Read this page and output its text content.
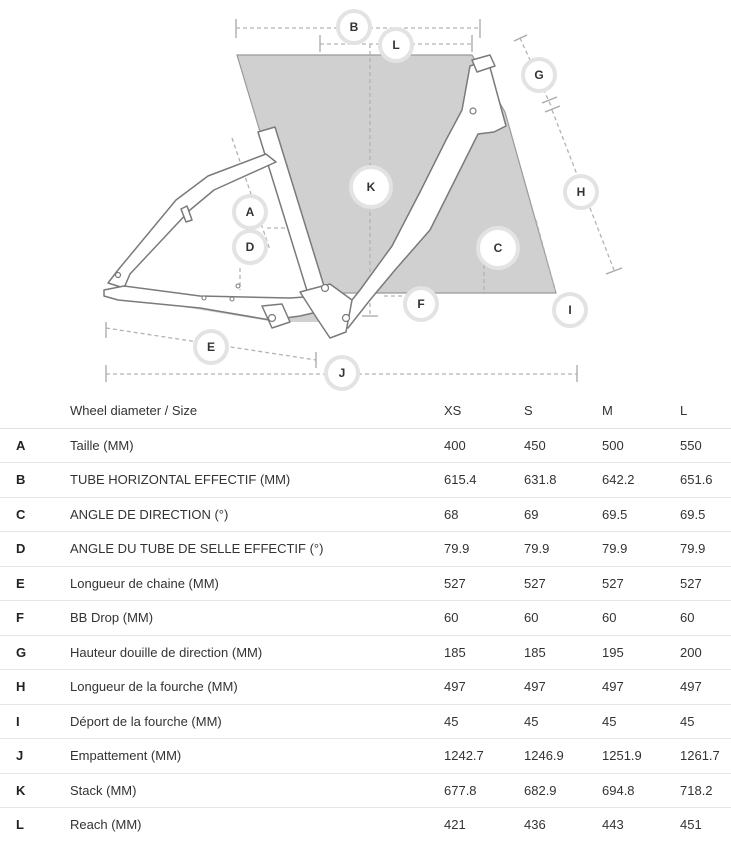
B
L
G
K	H
A
D	C
F	I
E
J
	Wheel diameter / Size	XS	S	M	L
A	Taille (MM)	400	450	500	550
B	TUBE HORIZONTAL EFFECTIF (MM)	615.4	631.8	642.2	651.6
C	ANGLE DE DIRECTION (°)	68	69	69.5	69.5
D	ANGLE DU TUBE DE SELLE EFFECTIF (°)	79.9	79.9	79.9	79.9
E	Longueur de chaine (MM)	527	527	527	527
F	BB Drop (MM)	60	60	60	60
G	Hauteur douille de direction (MM)	185	185	195	200
H	Longueur de la fourche (MM)	497	497	497	497
I	Déport de la fourche (MM)	45	45	45	45
J	Empattement (MM)	1242.7	1246.9	1251.9	1261.7
K	Stack (MM)	677.8	682.9	694.8	718.2
L	Reach (MM)	421	436	443	451
